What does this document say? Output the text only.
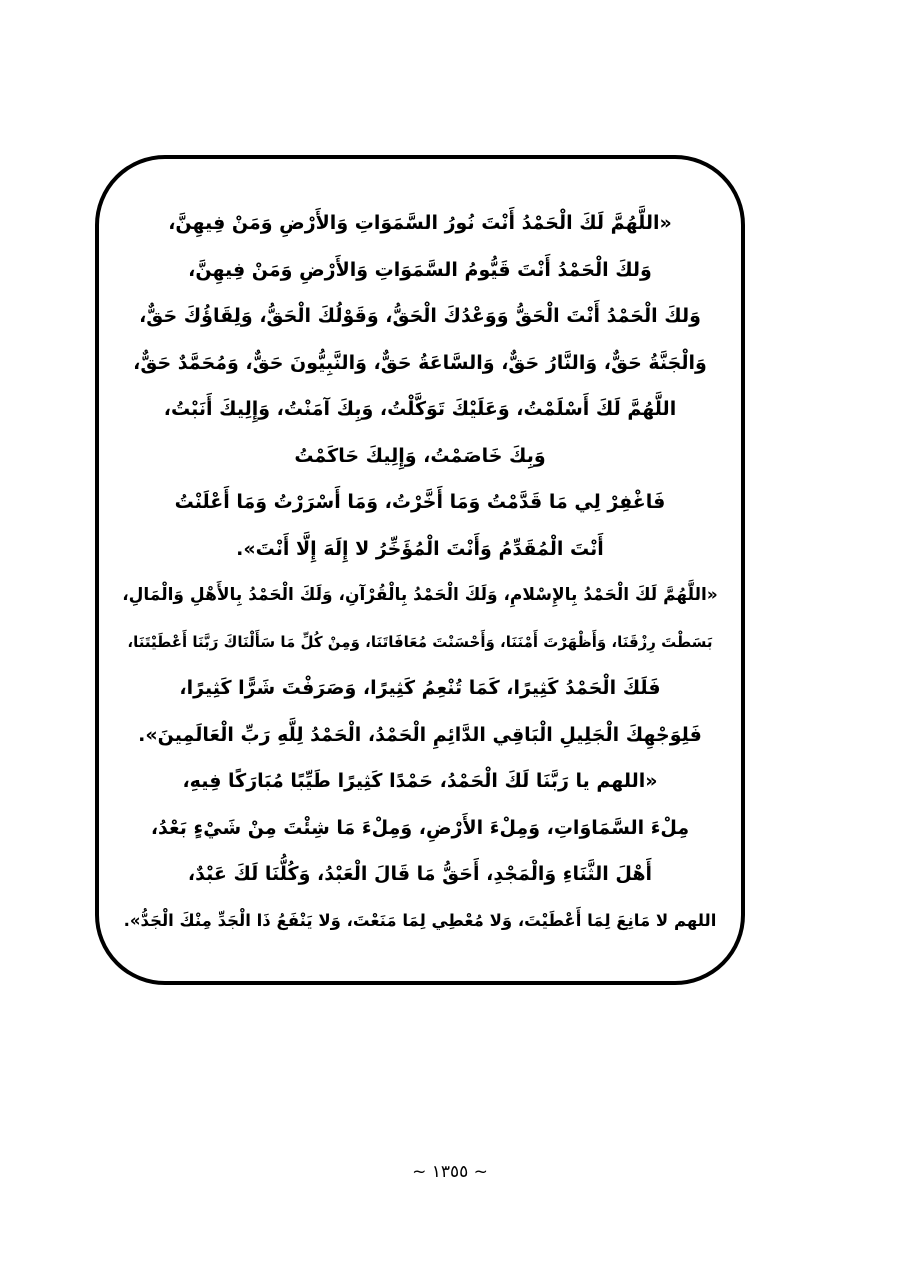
«اللَّهُمَّ لَكَ الْحَمْدُ أَنْتَ نُورُ السَّمَوَاتِ وَالأَرْضِ وَمَنْ فِيهِنَّ،
وَلكَ الْحَمْدُ أَنْتَ قَيُّومُ السَّمَوَاتِ وَالأَرْضِ وَمَنْ فِيهِنَّ،
وَلكَ الْحَمْدُ أَنْتَ الْحَقُّ وَوَعْدُكَ الْحَقُّ، وَقَوْلُكَ الْحَقُّ، وَلِقَاؤُكَ حَقٌّ،
وَالْجَنَّةُ حَقٌّ، وَالنَّارُ حَقٌّ، وَالسَّاعَةُ حَقٌّ، وَالنَّبِيُّونَ حَقٌّ، وَمُحَمَّدٌ حَقٌّ،
اللَّهُمَّ لَكَ أَسْلَمْتُ، وَعَلَيْكَ تَوَكَّلْتُ، وَبِكَ آمَنْتُ، وَإِلِيكَ أَنَبْتُ،
وَبِكَ خَاصَمْتُ، وَإِلِيكَ حَاكَمْتُ
فَاغْفِرْ لِي مَا قَدَّمْتُ وَمَا أَخَّرْتُ، وَمَا أَسْرَرْتُ وَمَا أَعْلَنْتُ
أَنْتَ الْمُقَدِّمُ وَأَنْتَ الْمُؤَخِّرُ لا إِلَهَ إِلَّا أَنْتَ».
«اللَّهُمَّ لَكَ الْحَمْدُ بِالإِسْلامِ، وَلَكَ الْحَمْدُ بِالْقُرْآنِ، وَلَكَ الْحَمْدُ بِالأَهْلِ وَالْمَالِ،
بَسَطْتَ رِزْقَنَا، وَأَظْهَرْتَ أَمْنَنَا، وَأَحْسَنْتَ مُعَافَاتَنَا، وَمِنْ كُلِّ مَا سَأَلْنَاكَ رَبَّنَا أَعْطَيْتَنَا،
فَلَكَ الْحَمْدُ كَثِيرًا، كَمَا تُنْعِمُ كَثِيرًا، وَصَرَفْتَ شَرًّا كَثِيرًا،
فَلِوَجْهِكَ الْجَلِيلِ الْبَاقِي الدَّائِمِ الْحَمْدُ، الْحَمْدُ لِلَّهِ رَبِّ الْعَالَمِينَ».
«اللهم يا رَبَّنَا لَكَ الْحَمْدُ، حَمْدًا كَثِيرًا طَيِّبًا مُبَارَكًا فِيهِ،
مِلْءَ السَّمَاوَاتِ، وَمِلْءَ الأَرْضِ، وَمِلْءَ مَا شِئْتَ مِنْ شَيْءٍ بَعْدُ،
أَهْلَ الثَّنَاءِ وَالْمَجْدِ، أَحَقُّ مَا قَالَ الْعَبْدُ، وَكُلُّنَا لَكَ عَبْدٌ،
اللهم لا مَانِعَ لِمَا أَعْطَيْتَ، وَلا مُعْطِي لِمَا مَنَعْتَ، وَلا يَنْفَعُ ذَا الْجَدِّ مِنْكَ الْجَدُّ».
~ ١٣٥٥ ~
